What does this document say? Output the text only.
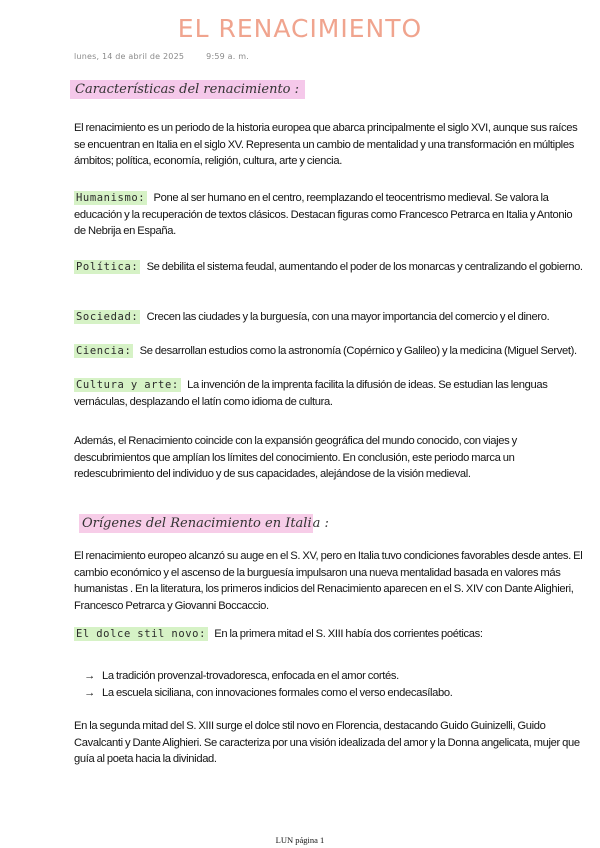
EL RENACIMIENTO
lunes, 14 de abril de 2025	9:59 a. m.
Características del renacimiento :
El renacimiento es un periodo de la historia europea que abarca principalmente el siglo XVI, aunque sus raíces se encuentran en Italia en el siglo XV. Representa un cambio de mentalidad y una transformación en múltiples ámbitos; política, economía, religión, cultura, arte y ciencia.
Humanismo: Pone al ser humano en el centro, reemplazando el teocentrismo medieval. Se valora la educación y la recuperación de textos clásicos. Destacan figuras como Francesco Petrarca en Italia y Antonio de Nebrija en España.
Política: Se debilita el sistema feudal, aumentando el poder de los monarcas y centralizando el gobierno.
Sociedad: Crecen las ciudades y la burguesía, con una mayor importancia del comercio y el dinero.
Ciencia: Se desarrollan estudios como la astronomía (Copérnico y Galileo) y la medicina (Miguel Servet).
Cultura y arte: La invención de la imprenta facilita la difusión de ideas. Se estudian las lenguas vernáculas, desplazando el latín como idioma de cultura.
Además, el Renacimiento coincide con la expansión geográfica del mundo conocido, con viajes y descubrimientos que amplían los límites del conocimiento. En conclusión, este periodo marca un redescubrimiento del individuo y de sus capacidades, alejándose de la visión medieval.
Orígenes del Renacimiento en Italia :
El renacimiento europeo alcanzó su auge en el S. XV, pero en Italia tuvo condiciones favorables desde antes. El cambio económico y el ascenso de la burguesía impulsaron una nueva mentalidad basada en valores más humanistas . En la literatura, los primeros indicios del Renacimiento aparecen en el S. XIV con Dante Alighieri, Francesco Petrarca y Giovanni Boccaccio.
El dolce stil novo: En la primera mitad el S. XIII había dos corrientes poéticas:
→ La tradición provenzal-trovadoresca, enfocada en el amor cortés.
→ La escuela siciliana, con innovaciones formales como el verso endecasílabo.
En la segunda mitad del S. XIII surge el dolce stil novo en Florencia, destacando Guido Guinizelli, Guido Cavalcanti y Dante Alighieri. Se caracteriza por una visión idealizada del amor y la Donna angelicata, mujer que guía al poeta hacia la divinidad.
LUN página 1
